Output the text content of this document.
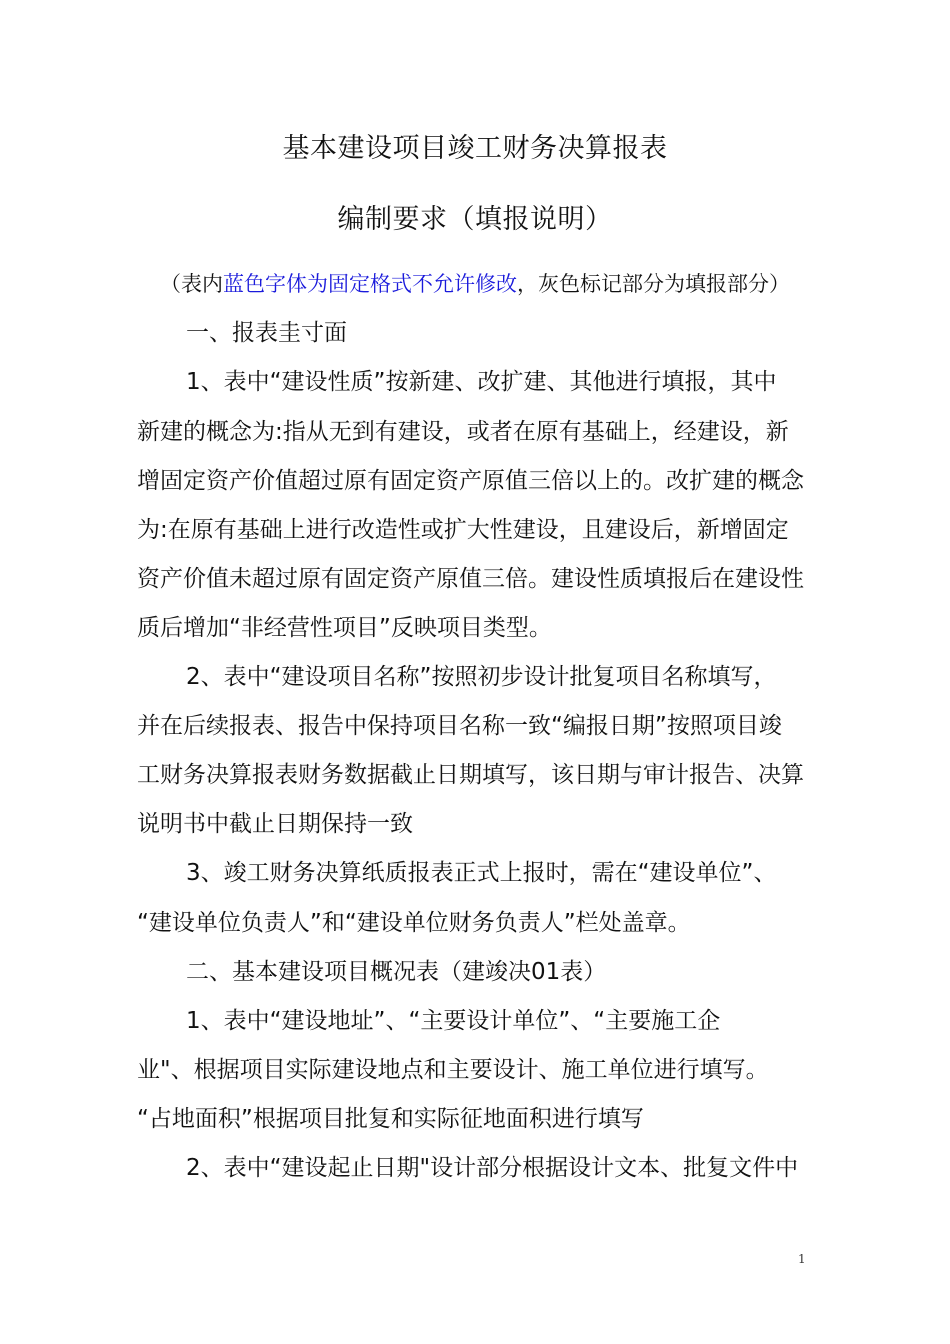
基本建设项目竣工财务决算报表
编制要求（填报说明）
（表内蓝色字体为固定格式不允许修改，灰色标记部分为填报部分）
一、报表圭寸面
1、表中“建设性质”按新建、改扩建、其他进行填报，其中
新建的概念为:指从无到有建设，或者在原有基础上，经建设，新
增固定资产价值超过原有固定资产原值三倍以上的。改扩建的概念
为:在原有基础上进行改造性或扩大性建设，且建设后，新增固定
资产价值未超过原有固定资产原值三倍。建设性质填报后在建设性
质后增加“非经营性项目”反映项目类型。
2、表中“建设项目名称”按照初步设计批复项目名称填写，
并在后续报表、报告中保持项目名称一致“编报日期”按照项目竣
工财务决算报表财务数据截止日期填写，该日期与审计报告、决算
说明书中截止日期保持一致
3、竣工财务决算纸质报表正式上报时，需在“建设单位”、
“建设单位负责人”和“建设单位财务负责人”栏处盖章。
二、基本建设项目概况表（建竣决01表）
1、表中“建设地址”、“主要设计单位”、“主要施工企
业"、根据项目实际建设地点和主要设计、施工单位进行填写。
“占地面积”根据项目批复和实际征地面积进行填写
2、表中“建设起止日期"设计部分根据设计文本、批复文件中
1
